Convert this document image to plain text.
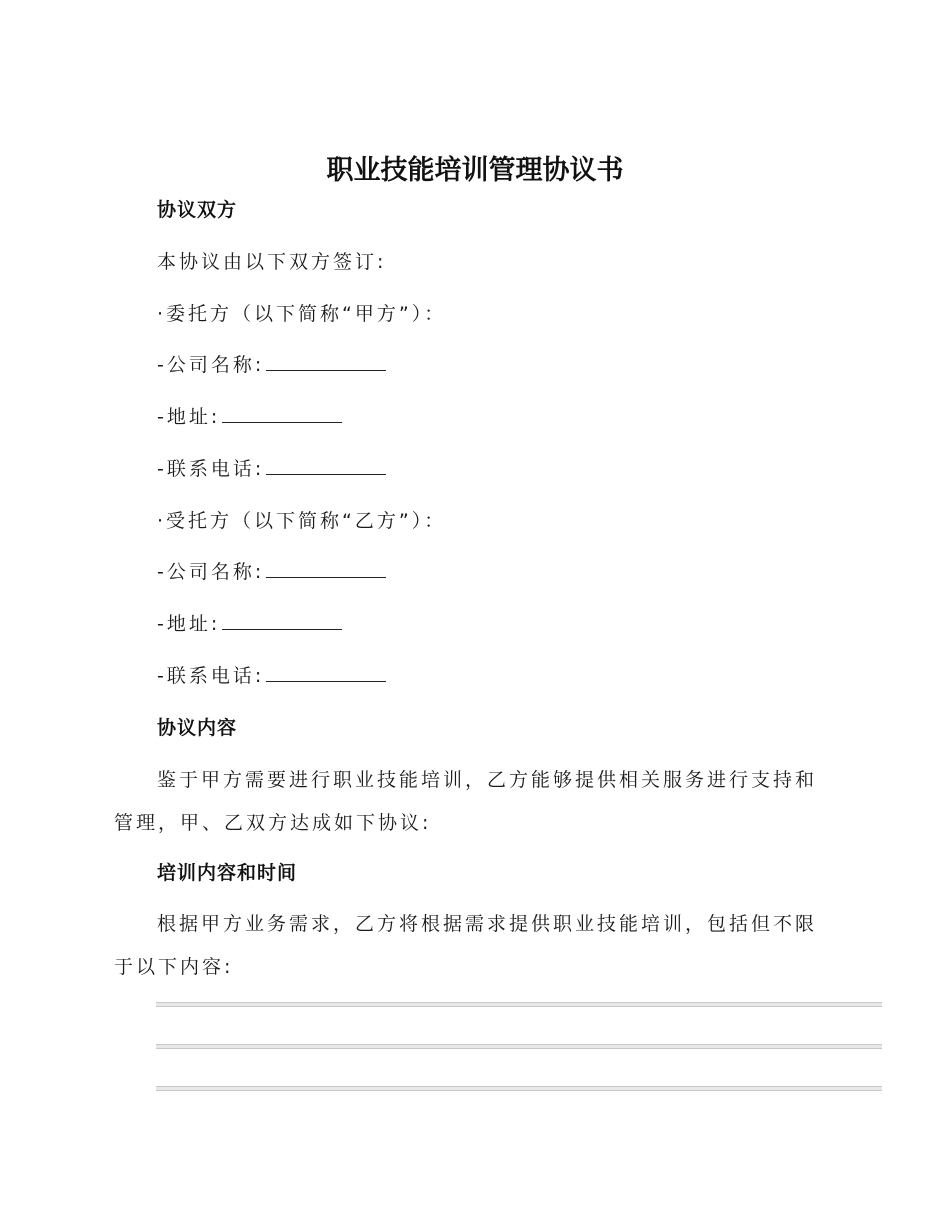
职业技能培训管理协议书
协议双方
本协议由以下双方签订:
·委托方（以下简称“甲方”）：
-公司名称:
-地址:
-联系电话:
·受托方（以下简称“乙方”）：
-公司名称:
-地址:
-联系电话:
协议内容
鉴于甲方需要进行职业技能培训，乙方能够提供相关服务进行支持和管理，甲、乙双方达成如下协议:
培训内容和时间
根据甲方业务需求，乙方将根据需求提供职业技能培训，包括但不限于以下内容:
